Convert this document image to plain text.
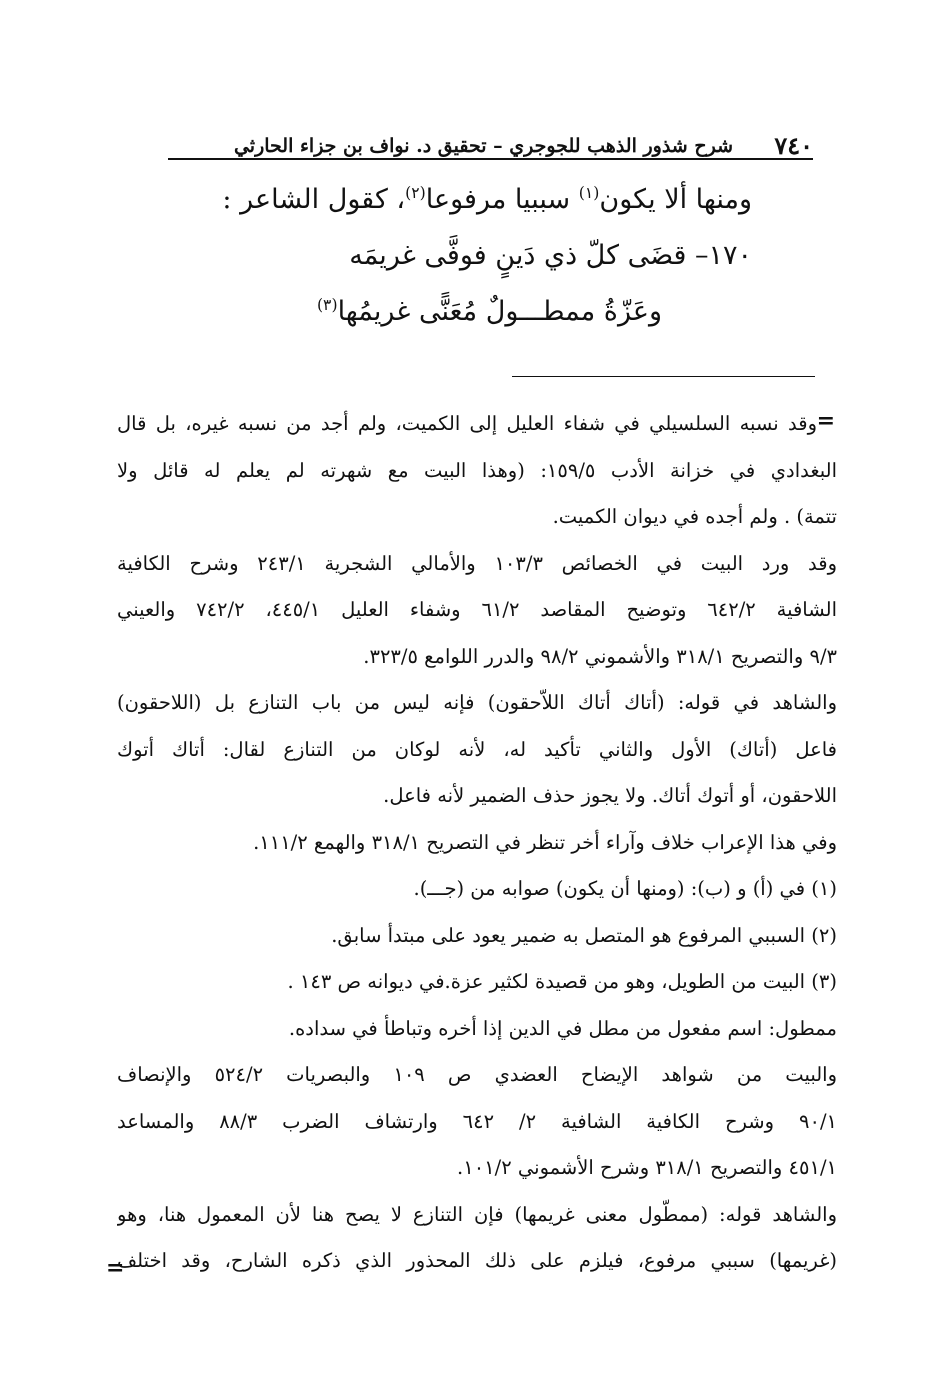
٧٤٠
شرح شذور الذهب للجوجري – تحقيق د. نواف بن جزاء الحارثي
ومنها ألا يكون$^{(١)}$ سببيا مرفوعا$^{(٢)}$، كقول الشاعر :
١٧٠– قضَى كلّ ذي دَينٍ فوفَّى غريمَه
وعَزّةُ ممطـــولٌ مُعَنًّى غريمُها$^{(٣)}$
=
وقد نسبه السلسيلي في شفاء العليل إلى الكميت، ولم أجد من نسبه غيره، بل قال
البغدادي في خزانة الأدب ١٥٩/٥: (وهذا البيت مع شهرته لم يعلم له قائل ولا
تتمة) . ولم أجده في ديوان الكميت.
وقد ورد البيت في الخصائص ١٠٣/٣ والأمالي الشجرية ٢٤٣/١ وشرح الكافية
الشافية ٦٤٢/٢ وتوضيح المقاصد ٦١/٢ وشفاء العليل ٤٤٥/١، ٧٤٢/٢ والعيني
٩/٣ والتصريح ٣١٨/١ والأشموني ٩٨/٢ والدرر اللوامع ٣٢٣/٥.
والشاهد في قوله: (أتاك أتاك اللاّحقون) فإنه ليس من باب التنازع بل (اللاحقون)
فاعل (أتاك) الأول والثاني تأكيد له، لأنه لوكان من التنازع لقال: أتاك أتوك
اللاحقون، أو أتوك أتاك. ولا يجوز حذف الضمير لأنه فاعل.
وفي هذا الإعراب خلاف وآراء أخر تنظر في التصريح ٣١٨/١ والهمع ١١١/٢.
(١) في (أ) و (ب): (ومنها أن يكون) صوابه من (جـــ).
(٢) السببي المرفوع هو المتصل به ضمير يعود على مبتدأ سابق.
(٣) البيت من الطويل، وهو من قصيدة لكثير عزة.في ديوانه ص ١٤٣ .
ممطول: اسم مفعول من مطل في الدين إذا أخره وتباطأ في سداده.
والبيت من شواهد الإيضاح العضدي ص ١٠٩ والبصريات ٥٢٤/٢ والإنصاف
٩٠/١ وشرح الكافية الشافية ٢/ ٦٤٢ وارتشاف الضرب ٨٨/٣ والمساعد
٤٥١/١ والتصريح ٣١٨/١ وشرح الأشموني ١٠١/٢.
والشاهد قوله: (ممطّول معنى غريمها) فإن التنازع لا يصح هنا لأن المعمول هنا، وهو
(غريمها) سببي مرفوع، فيلزم على ذلك المحذور الذي ذكره الشارح، وقد اختلف
=
